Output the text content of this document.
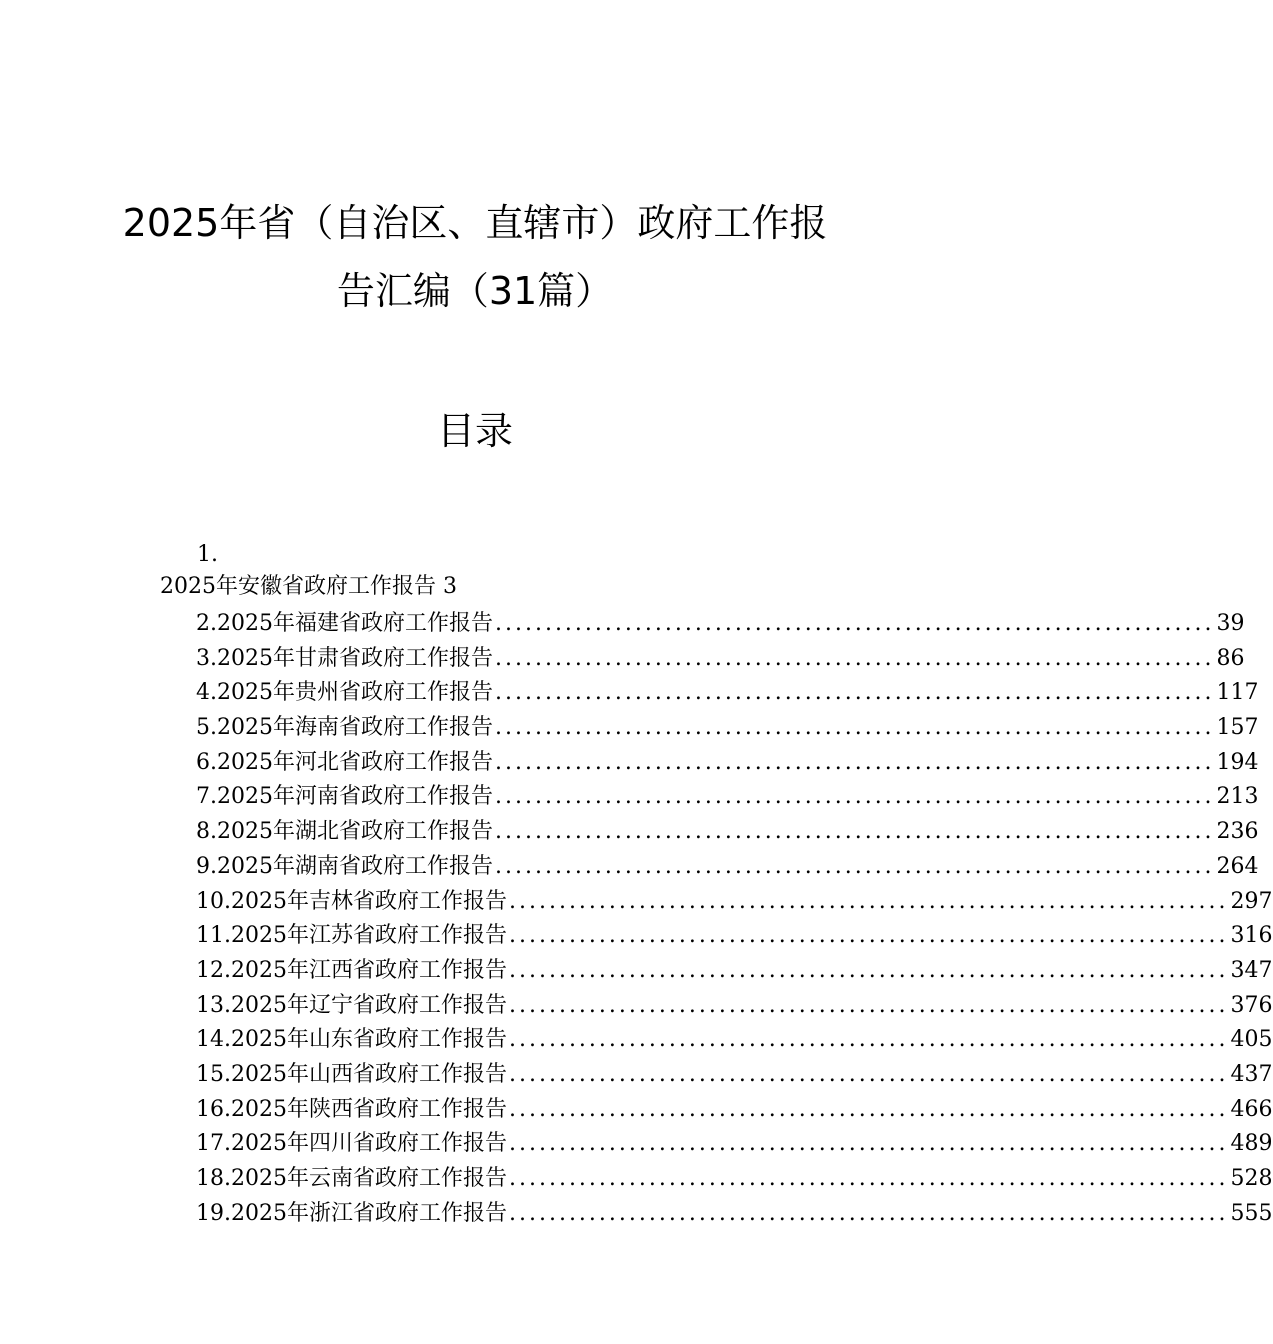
2025年省（自治区、直辖市）政府工作报
告汇编（31篇）
目录
1.
2025年安徽省政府工作报告 3
2.2025年福建省政府工作报告 ........................................................................ 39
3.2025年甘肃省政府工作报告 ........................................................................ 86
4.2025年贵州省政府工作报告 ........................................................................ 117
5.2025年海南省政府工作报告 ........................................................................ 157
6.2025年河北省政府工作报告 ........................................................................ 194
7.2025年河南省政府工作报告 ........................................................................ 213
8.2025年湖北省政府工作报告 ........................................................................ 236
9.2025年湖南省政府工作报告 ........................................................................ 264
10.2025年吉林省政府工作报告 ........................................................................ 297
11.2025年江苏省政府工作报告 ........................................................................ 316
12.2025年江西省政府工作报告 ........................................................................ 347
13.2025年辽宁省政府工作报告 ........................................................................ 376
14.2025年山东省政府工作报告 ........................................................................ 405
15.2025年山西省政府工作报告 ........................................................................ 437
16.2025年陕西省政府工作报告 ........................................................................ 466
17.2025年四川省政府工作报告 ........................................................................ 489
18.2025年云南省政府工作报告 ........................................................................ 528
19.2025年浙江省政府工作报告 ........................................................................ 555
